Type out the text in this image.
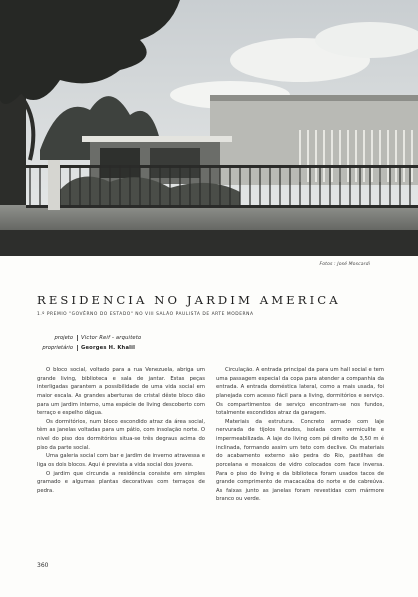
Fotos : José Moscardi
RESIDENCIA NO JARDIM AMERICA
1.º PREMIO "GOVÊRNO DO ESTADO" NO VIII SALÃO PAULISTA DE ARTE MODERNA
projeto	Victor Reif - arquiteto
proprietário	Georges H. Khalil

O bloco social, voltado para a rua Venezuela, abriga um grande living, biblioteca e sala de jantar. Estas peças interligadas garantem a possibilidade de uma vida social em maior escala. As grandes aberturas de cristal dêste bloco dão para um jardim interno, uma espécie de living descoberto com terraço e espelho dágua.

Os dormitórios, num bloco escondido atraz da área social, têm as janelas voltadas para um pátio, com insolação norte. O nivel do piso dos dormitórios situa-se três degraus acima do piso da parte social.

Uma galeria social com bar e jardim de inverno atravessa e liga os dois blocos. Aqui é prevista a vida social dos jovens.

O jardim que circunda a residência consiste em simples gramado e algumas plantas decorativas com terraços de pedra.

Circulação. A entrada principal da para um hall social e tem uma passagem especial da copa para atender a companhia da entrada. A entrada doméstica lateral, como a mais usada, foi planejada com acesso fácil para a living, dormitórios e serviço. Os compartimentos de serviço encontram-se nos fundos, totalmente escondidos atraz da garagem.

Materiais da estrutura. Concreto armado com laje nervurada de tijolos furados, isolada com vermiculite e impermeabilizada. A laje do living com pé direito de 3,50 m é inclinada, formando assim um teto com declive. Os materiais do acabamento externo são pedra do Rio, pastilhas de porcelana e mosaicos de vidro colocados com face inversa. Para o piso do living e da biblioteca foram usados tacos de grande comprimento de macacaúba do norte e de cabreúva. As faixas junto as janelas foram revestidas com mármore branco ou verde.

360
